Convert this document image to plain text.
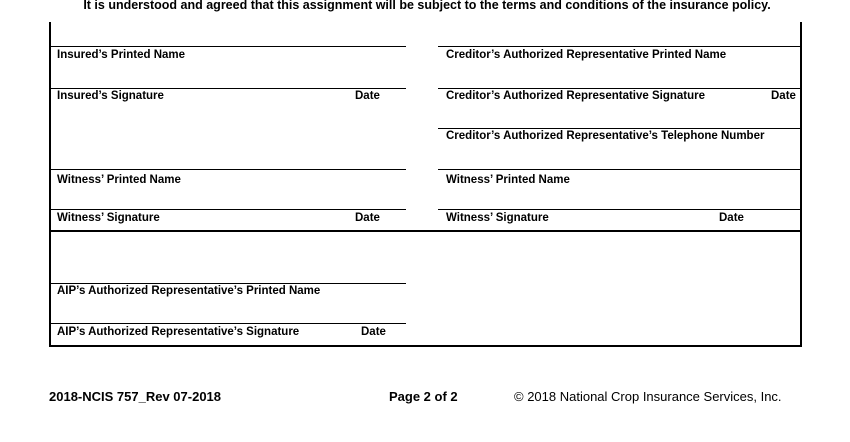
It is understood and agreed that this assignment will be subject to the terms and conditions of the insurance policy.
Insured’s Printed Name
Insured’s Signature	Date
Witness’ Printed Name
Witness’ Signature	Date
Creditor’s Authorized Representative Printed Name
Creditor’s Authorized Representative Signature	Date
Creditor’s Authorized Representative’s Telephone Number
Witness’ Printed Name
Witness’ Signature	Date
AIP’s Authorized Representative’s Printed Name
AIP’s Authorized Representative’s Signature	Date
2018-NCIS 757_Rev 07-2018	Page 2 of 2	© 2018 National Crop Insurance Services, Inc.
